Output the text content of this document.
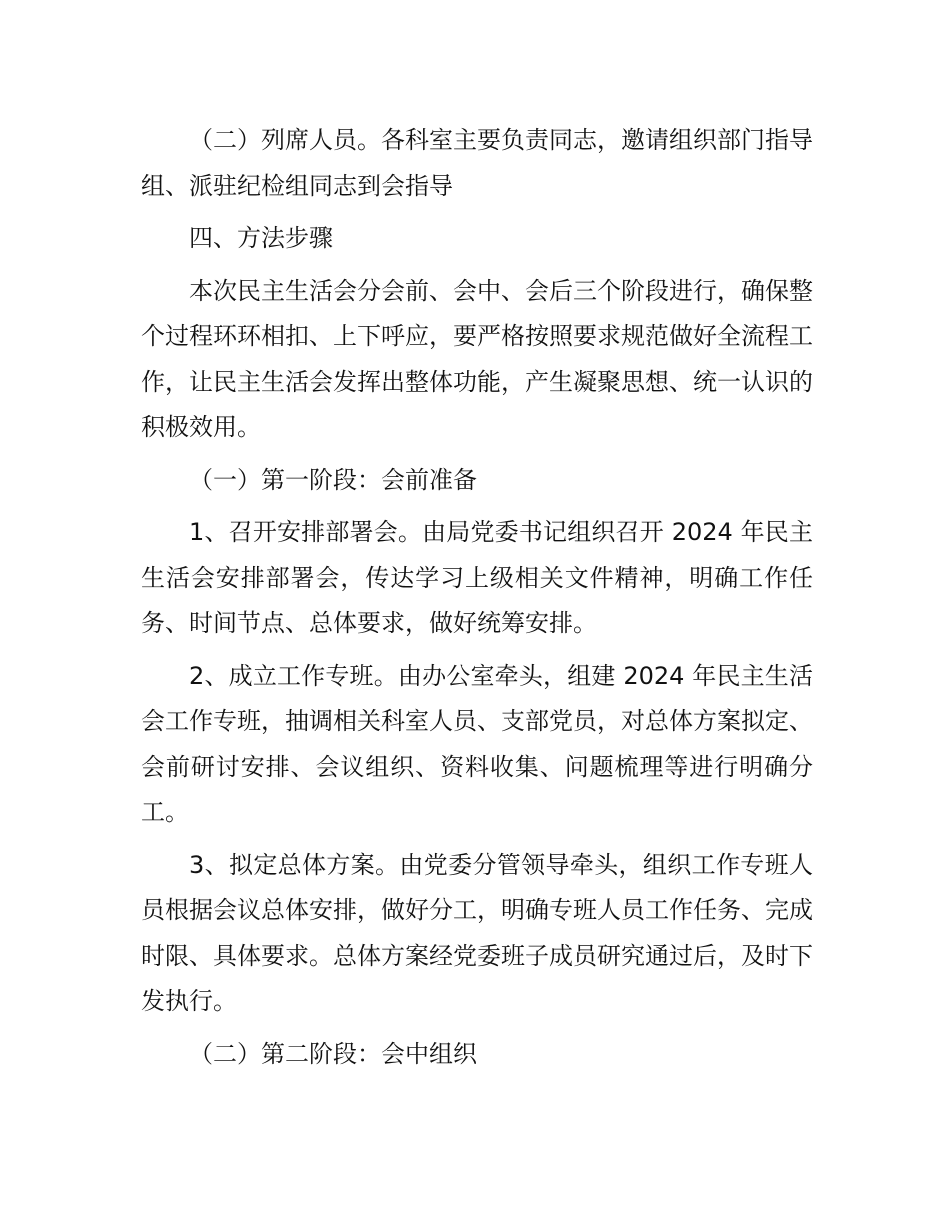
（二）列席人员。各科室主要负责同志，邀请组织部门指导组、派驻纪检组同志到会指导

四、方法步骤

本次民主生活会分会前、会中、会后三个阶段进行，确保整个过程环环相扣、上下呼应，要严格按照要求规范做好全流程工作，让民主生活会发挥出整体功能，产生凝聚思想、统一认识的积极效用。

（一）第一阶段：会前准备

1、召开安排部署会。由局党委书记组织召开 2024 年民主生活会安排部署会，传达学习上级相关文件精神，明确工作任务、时间节点、总体要求，做好统筹安排。

2、成立工作专班。由办公室牵头，组建 2024 年民主生活会工作专班，抽调相关科室人员、支部党员，对总体方案拟定、会前研讨安排、会议组织、资料收集、问题梳理等进行明确分工。

3、拟定总体方案。由党委分管领导牵头，组织工作专班人员根据会议总体安排，做好分工，明确专班人员工作任务、完成时限、具体要求。总体方案经党委班子成员研究通过后，及时下发执行。

（二）第二阶段：会中组织
